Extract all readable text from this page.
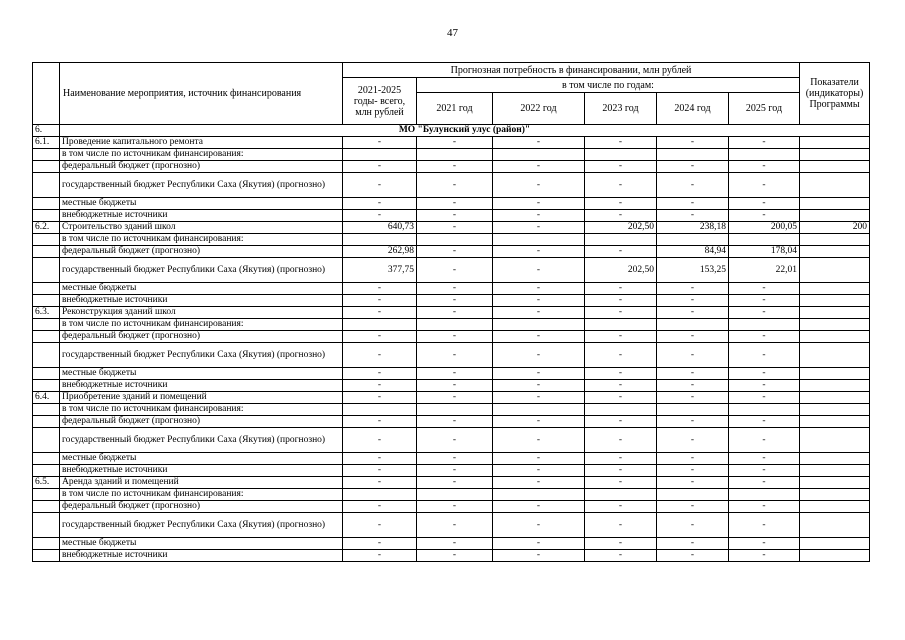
47
	Наименование мероприятия, источник финансирования	Прогнозная потребность в финансировании, млн рублей						Показатели (индикаторы) Программы
		2021-2025 годы- всего, млн рублей	в том числе по годам:					
			2021 год	2022 год	2023 год	2024 год	2025 год	
6.	МО "Булунский улус (район)"							
6.1.	Проведение капитального ремонта	-	-	-	-	-	-	
	в том числе по источникам финансирования:							
	федеральный бюджет (прогнозно)	-	-	-	-	-	-	
	государственный бюджет Республики Саха (Якутия) (прогнозно)	-	-	-	-	-	-	
	местные бюджеты	-	-	-	-	-	-	
	внебюджетные источники	-	-	-	-	-	-	
6.2.	Строительство зданий школ	640,73	-	-	202,50	238,18	200,05	200
	в том числе по источникам финансирования:							
	федеральный бюджет (прогнозно)	262,98	-	-	-	84,94	178,04	
	государственный бюджет Республики Саха (Якутия) (прогнозно)	377,75	-	-	202,50	153,25	22,01	
	местные бюджеты	-	-	-	-	-	-	
	внебюджетные источники	-	-	-	-	-	-	
6.3.	Реконструкция зданий школ	-	-	-	-	-	-	
	в том числе по источникам финансирования:							
	федеральный бюджет (прогнозно)	-	-	-	-	-	-	
	государственный бюджет Республики Саха (Якутия) (прогнозно)	-	-	-	-	-	-	
	местные бюджеты	-	-	-	-	-	-	
	внебюджетные источники	-	-	-	-	-	-	
6.4.	Приобретение зданий и помещений	-	-	-	-	-	-	
	в том числе по источникам финансирования:							
	федеральный бюджет (прогнозно)	-	-	-	-	-	-	
	государственный бюджет Республики Саха (Якутия) (прогнозно)	-	-	-	-	-	-	
	местные бюджеты	-	-	-	-	-	-	
	внебюджетные источники	-	-	-	-	-	-	
6.5.	Аренда зданий и помещений	-	-	-	-	-	-	
	в том числе по источникам финансирования:							
	федеральный бюджет (прогнозно)	-	-	-	-	-	-	
	государственный бюджет Республики Саха (Якутия) (прогнозно)	-	-	-	-	-	-	
	местные бюджеты	-	-	-	-	-	-	
	внебюджетные источники	-	-	-	-	-	-	
